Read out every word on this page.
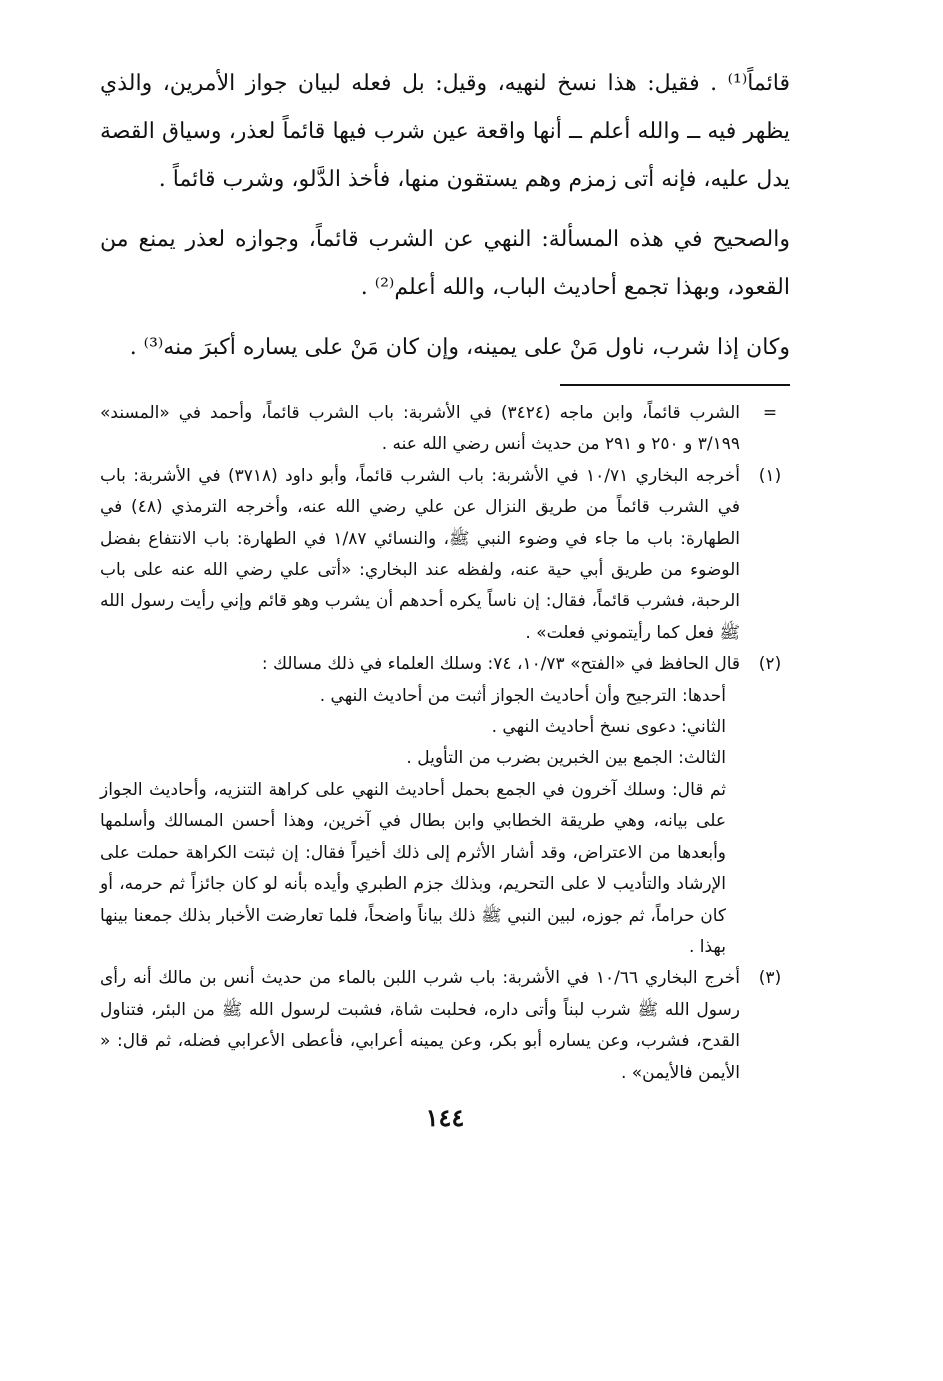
قائماً⁽¹⁾ . فقيل: هذا نسخ لنهيه، وقيل: بل فعله لبيان جواز الأمرين، والذي يظهر فيه ــ والله أعلم ــ أنها واقعة عين شرب فيها قائماً لعذر، وسياق القصة يدل عليه، فإنه أتى زمزم وهم يستقون منها، فأخذ الدَّلو، وشرب قائماً .

والصحيح في هذه المسألة: النهي عن الشرب قائماً، وجوازه لعذر يمنع من القعود، وبهذا تجمع أحاديث الباب، والله أعلم⁽²⁾ .

وكان إذا شرب، ناول مَنْ على يمينه، وإن كان مَنْ على يساره أكبرَ منه⁽³⁾ .

=

الشرب قائماً، وابن ماجه (٣٤٢٤) في الأشربة: باب الشرب قائماً، وأحمد في «المسند» ٣/١٩٩ و ٢٥٠ و ٢٩١ من حديث أنس رضي الله عنه .

(١)

أخرجه البخاري ١٠/٧١ في الأشربة: باب الشرب قائماً، وأبو داود (٣٧١٨) في الأشربة: باب في الشرب قائماً من طريق النزال عن علي رضي الله عنه، وأخرجه الترمذي (٤٨) في الطهارة: باب ما جاء في وضوء النبي ﷺ، والنسائي ١/٨٧ في الطهارة: باب الانتفاع بفضل الوضوء من طريق أبي حية عنه، ولفظه عند البخاري: «أتى علي رضي الله عنه على باب الرحبة، فشرب قائماً، فقال: إن ناساً يكره أحدهم أن يشرب وهو قائم وإني رأيت رسول الله ﷺ فعل كما رأيتموني فعلت» .

(٢)

قال الحافظ في «الفتح» ١٠/٧٣، ٧٤: وسلك العلماء في ذلك مسالك :

أحدها: الترجيح وأن أحاديث الجواز أثبت من أحاديث النهي .

الثاني: دعوى نسخ أحاديث النهي .

الثالث: الجمع بين الخبرين بضرب من التأويل .

ثم قال: وسلك آخرون في الجمع بحمل أحاديث النهي على كراهة التنزيه، وأحاديث الجواز على بيانه، وهي طريقة الخطابي وابن بطال في آخرين، وهذا أحسن المسالك وأسلمها وأبعدها من الاعتراض، وقد أشار الأثرم إلى ذلك أخيراً فقال: إن ثبتت الكراهة حملت على الإرشاد والتأديب لا على التحريم، وبذلك جزم الطبري وأيده بأنه لو كان جائزاً ثم حرمه، أو كان حراماً، ثم جوزه، لبين النبي ﷺ ذلك بياناً واضحاً، فلما تعارضت الأخبار بذلك جمعنا بينها بهذا .

(٣)

أخرج البخاري ١٠/٦٦ في الأشربة: باب شرب اللبن بالماء من حديث أنس بن مالك أنه رأى رسول الله ﷺ شرب لبناً وأتى داره، فحلبت شاة، فشبت لرسول الله ﷺ من البئر، فتناول القدح، فشرب، وعن يساره أبو بكر، وعن يمينه أعرابي، فأعطى الأعرابي فضله، ثم قال: « الأيمن فالأيمن» .

١٤٤
